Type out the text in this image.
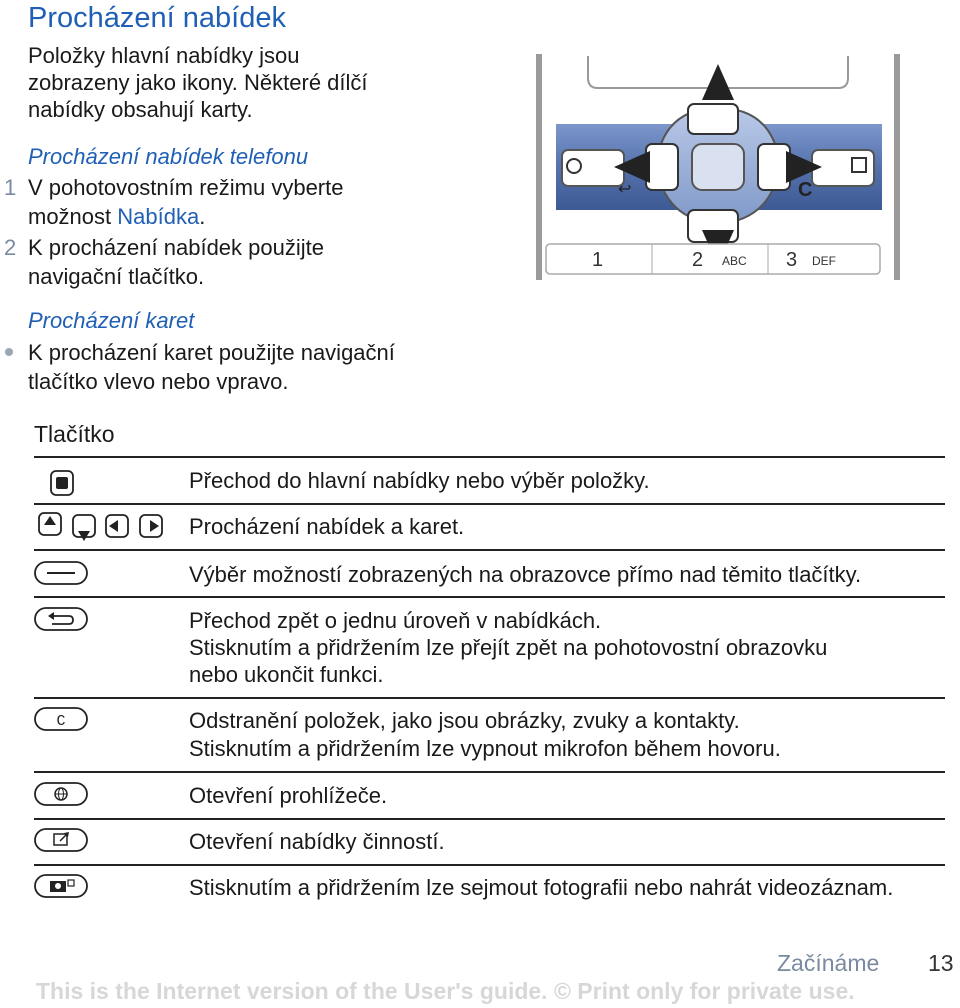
Procházení nabídek
Položky hlavní nabídky jsou zobrazeny jako ikony. Některé dílčí nabídky obsahují karty.
Procházení nabídek telefonu
1 V pohotovostním režimu vyberte možnost Nabídka.
2 K procházení nabídek použijte navigační tlačítko.
Procházení karet
K procházení karet použijte navigační tlačítko vlevo nebo vpravo.
↩	C
1	2 ABC 3 DEF
Tlačítko
Přechod do hlavní nabídky nebo výběr položky.
Procházení nabídek a karet.
Výběr možností zobrazených na obrazovce přímo nad těmito tlačítky.
Přechod zpět o jednu úroveň v nabídkách.
Stisknutím a přidržením lze přejít zpět na pohotovostní obrazovku
nebo ukončit funkci.
C	Odstranění položek, jako jsou obrázky, zvuky a kontakty.
Stisknutím a přidržením lze vypnout mikrofon během hovoru.
Otevření prohlížeče.
Otevření nabídky činností.
Stisknutím a přidržením lze sejmout fotografii nebo nahrát videozáznam.
Začínáme 13
This is the Internet version of the User's guide. © Print only for private use.
